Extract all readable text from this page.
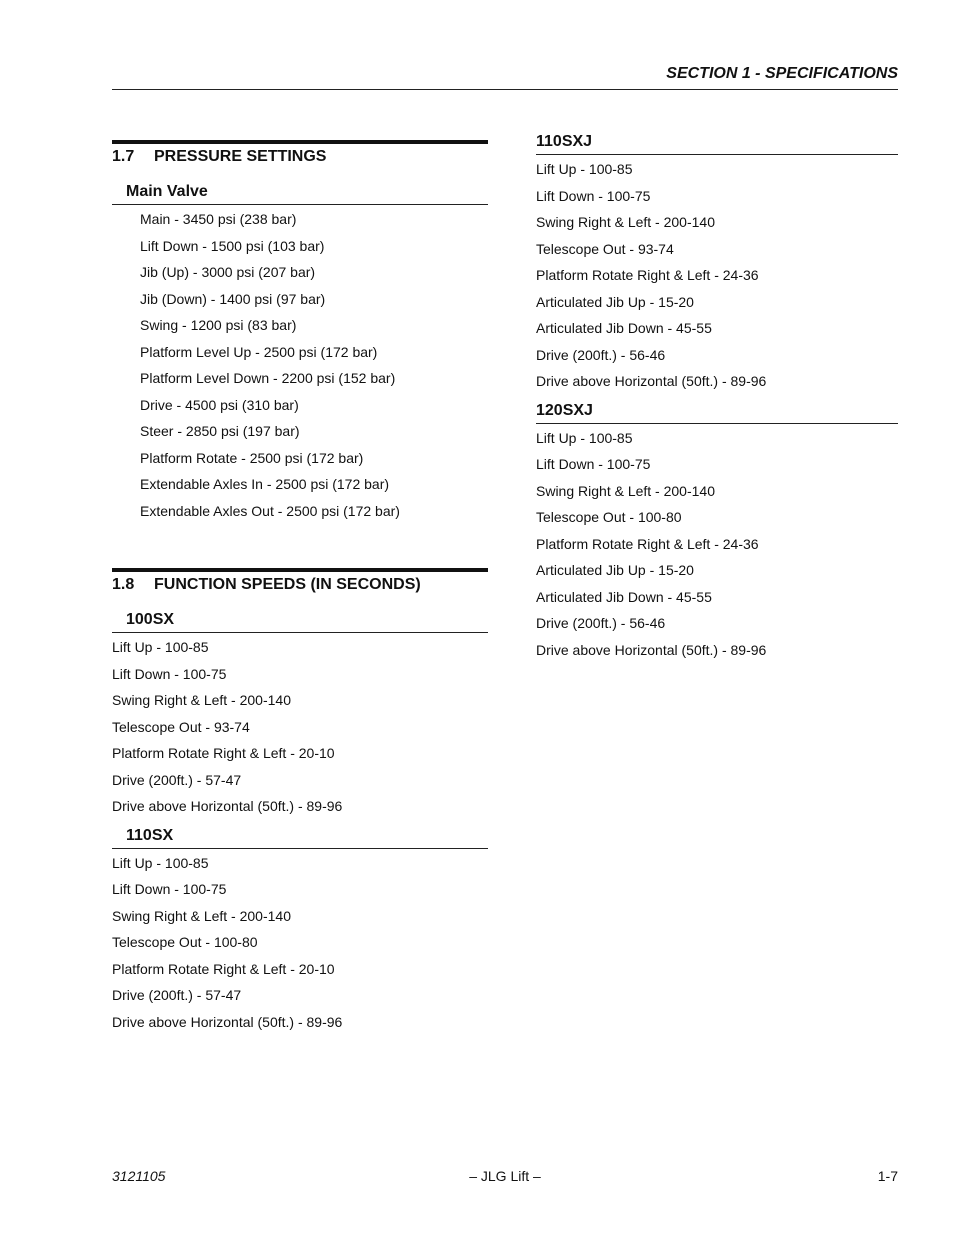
SECTION 1 - SPECIFICATIONS
1.7 PRESSURE SETTINGS
Main Valve
Main - 3450 psi (238 bar)
Lift Down - 1500 psi (103 bar)
Jib (Up) - 3000 psi (207 bar)
Jib (Down) - 1400 psi (97 bar)
Swing - 1200 psi (83 bar)
Platform Level Up - 2500 psi (172 bar)
Platform Level Down - 2200 psi (152 bar)
Drive - 4500 psi (310 bar)
Steer - 2850 psi (197 bar)
Platform Rotate - 2500 psi (172 bar)
Extendable Axles In - 2500 psi (172 bar)
Extendable Axles Out - 2500 psi (172 bar)
1.8 FUNCTION SPEEDS (IN SECONDS)
100SX
Lift Up - 100-85
Lift Down - 100-75
Swing Right & Left - 200-140
Telescope Out - 93-74
Platform Rotate Right & Left - 20-10
Drive (200ft.) - 57-47
Drive above Horizontal (50ft.) - 89-96
110SX
Lift Up - 100-85
Lift Down - 100-75
Swing Right & Left - 200-140
Telescope Out - 100-80
Platform Rotate Right & Left - 20-10
Drive (200ft.) - 57-47
Drive above Horizontal (50ft.) - 89-96
110SXJ
Lift Up - 100-85
Lift Down - 100-75
Swing Right & Left - 200-140
Telescope Out - 93-74
Platform Rotate Right & Left - 24-36
Articulated Jib Up - 15-20
Articulated Jib Down - 45-55
Drive (200ft.) - 56-46
Drive above Horizontal (50ft.) - 89-96
120SXJ
Lift Up - 100-85
Lift Down - 100-75
Swing Right & Left - 200-140
Telescope Out - 100-80
Platform Rotate Right & Left - 24-36
Articulated Jib Up - 15-20
Articulated Jib Down - 45-55
Drive (200ft.) - 56-46
Drive above Horizontal (50ft.) - 89-96
3121105	– JLG Lift –	1-7
